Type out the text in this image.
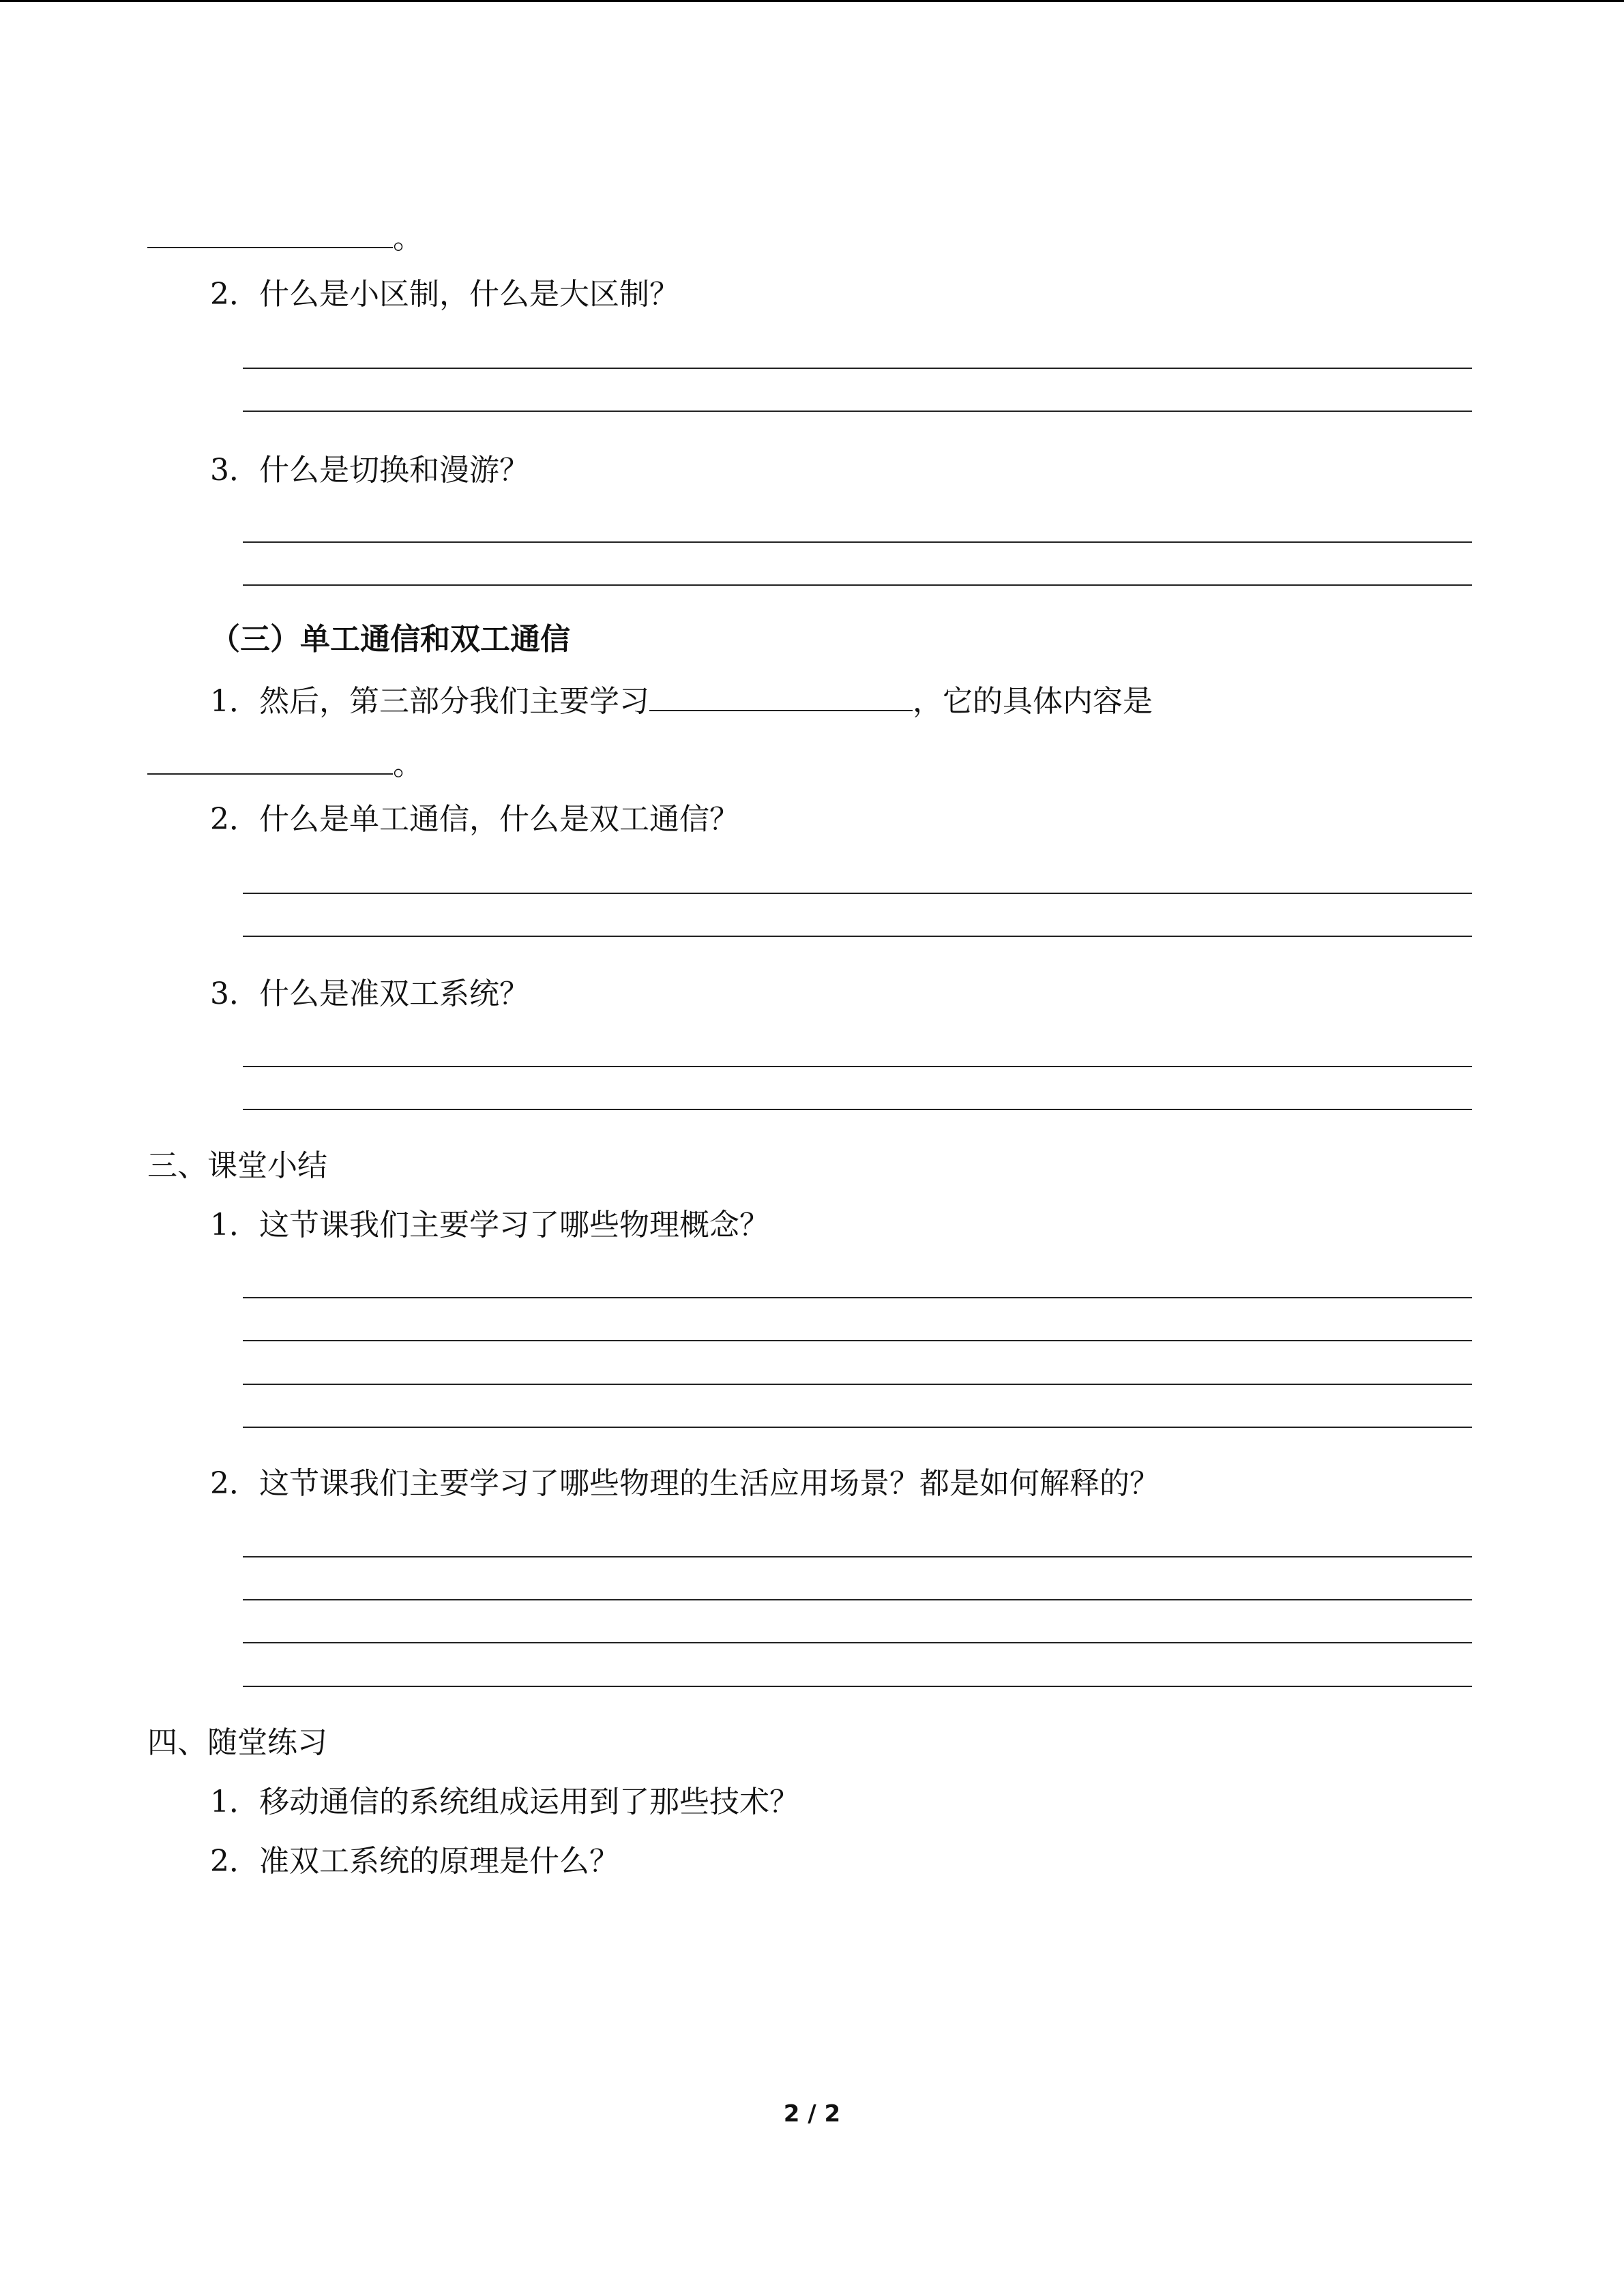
。
2．什么是小区制，什么是大区制？
3．什么是切换和漫游？
（三）单工通信和双工通信
1．然后，第三部分我们主要学习	，它的具体内容是
。
2．什么是单工通信，什么是双工通信？
3．什么是准双工系统？
三、课堂小结
1．这节课我们主要学习了哪些物理概念？
2．这节课我们主要学习了哪些物理的生活应用场景？都是如何解释的？
四、随堂练习
1．移动通信的系统组成运用到了那些技术？
2．准双工系统的原理是什么？
2 / 2
